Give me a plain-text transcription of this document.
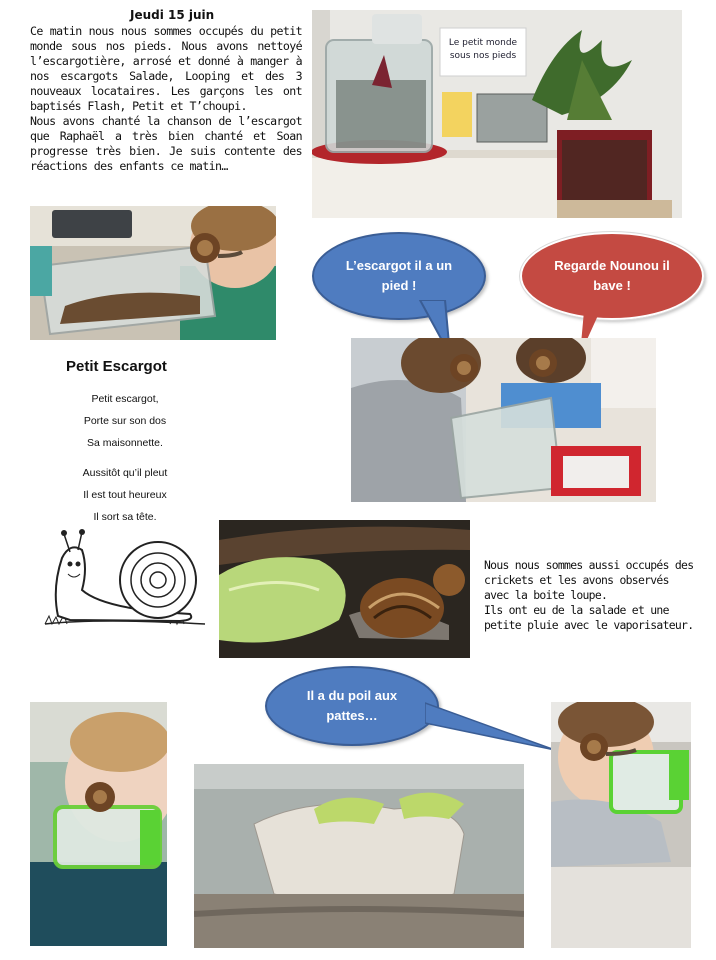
Jeudi 15 juin

Ce matin nous nous sommes occupés du petit monde sous nos pieds. Nous avons nettoyé l’escargotière, arrosé et donné à manger à nos escargots Salade, Looping et des 3 nouveaux locataires. Les garçons les ont baptisés Flash, Petit et T’choupi.

Nous avons chanté la chanson de l’escargot que Raphaël a très bien chanté et Soan progresse très bien. Je suis contente des réactions des enfants ce matin…

Le petit monde
sous nos pieds
L’escargot il a un pied !
Regarde Nounou il bave !
Petit Escargot
Petit escargot,
Porte sur son dos
Sa maisonnette.
Aussitôt qu’il pleut
Il est tout heureux
Il sort sa tête.

Nous nous sommes aussi occupés des crickets et les avons observés avec la boite loupe.

Ils ont eu de la salade et une petite pluie avec le vaporisateur.

Il a du poil aux pattes…
